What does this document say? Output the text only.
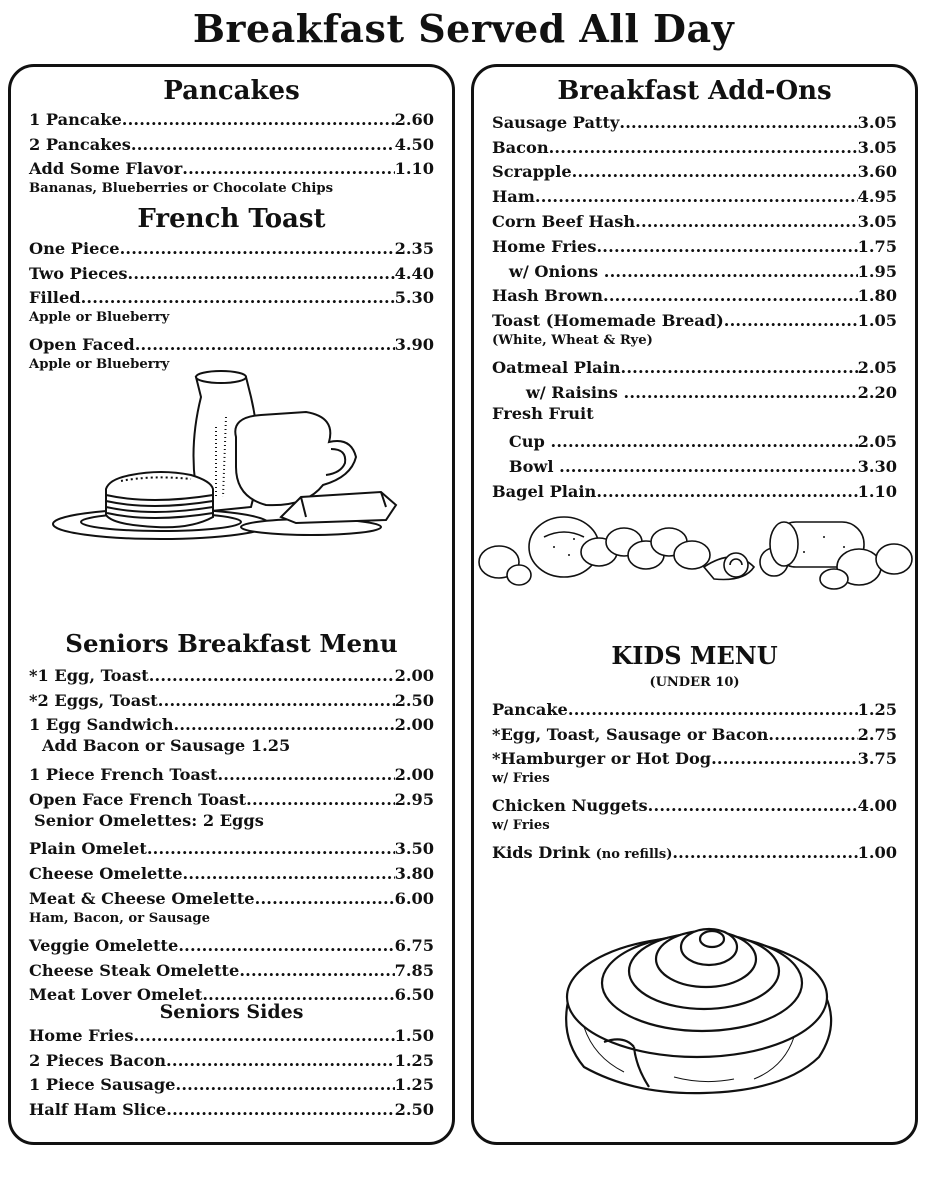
Breakfast Served All Day
Pancakes
1 Pancake .....	2.60
2 Pancakes .....	4.50
Add Some Flavor .....	1.10
Bananas, Blueberries or Chocolate Chips
French Toast
One Piece .....	2.35
Two Pieces .....	4.40
Filled .....	5.30
Apple or Blueberry
Open Faced .....	3.90
Apple or Blueberry
Seniors Breakfast Menu
*1 Egg, Toast .....	2.00
*2 Eggs, Toast .....	2.50
1 Egg Sandwich .....	2.00
Add Bacon or Sausage 1.25
1 Piece French Toast .....	2.00
Open Face French Toast .....	2.95
Senior Omelettes: 2 Eggs
Plain Omelet .....	3.50
Cheese Omelette .....	3.80
Meat & Cheese Omelette .....	6.00
Ham, Bacon, or Sausage
Veggie Omelette .....	6.75
Cheese Steak Omelette .....	7.85
Meat Lover Omelet .....	6.50
Seniors Sides
Home Fries .....	1.50
2 Pieces Bacon .....	1.25
1 Piece Sausage .....	1.25
Half Ham Slice .....	2.50
Breakfast Add-Ons
Sausage Patty .....	3.05
Bacon .....	3.05
Scrapple .....	3.60
Ham .....	4.95
Corn Beef Hash .....	3.05
Home Fries .....	1.75
w/ Onions .....	1.95
Hash Brown .....	1.80
Toast (Homemade Bread) .....	1.05
(White, Wheat & Rye)
Oatmeal Plain .....	2.05
w/ Raisins .....	2.20
Fresh Fruit
Cup .....	2.05
Bowl .....	3.30
Bagel Plain .....	1.10
KIDS MENU
(UNDER 10)
Pancake .....	1.25
*Egg, Toast, Sausage or Bacon .....	2.75
*Hamburger or Hot Dog .....	3.75
w/ Fries
Chicken Nuggets .....	4.00
w/ Fries
Kids Drink (no refills) .....	1.00
